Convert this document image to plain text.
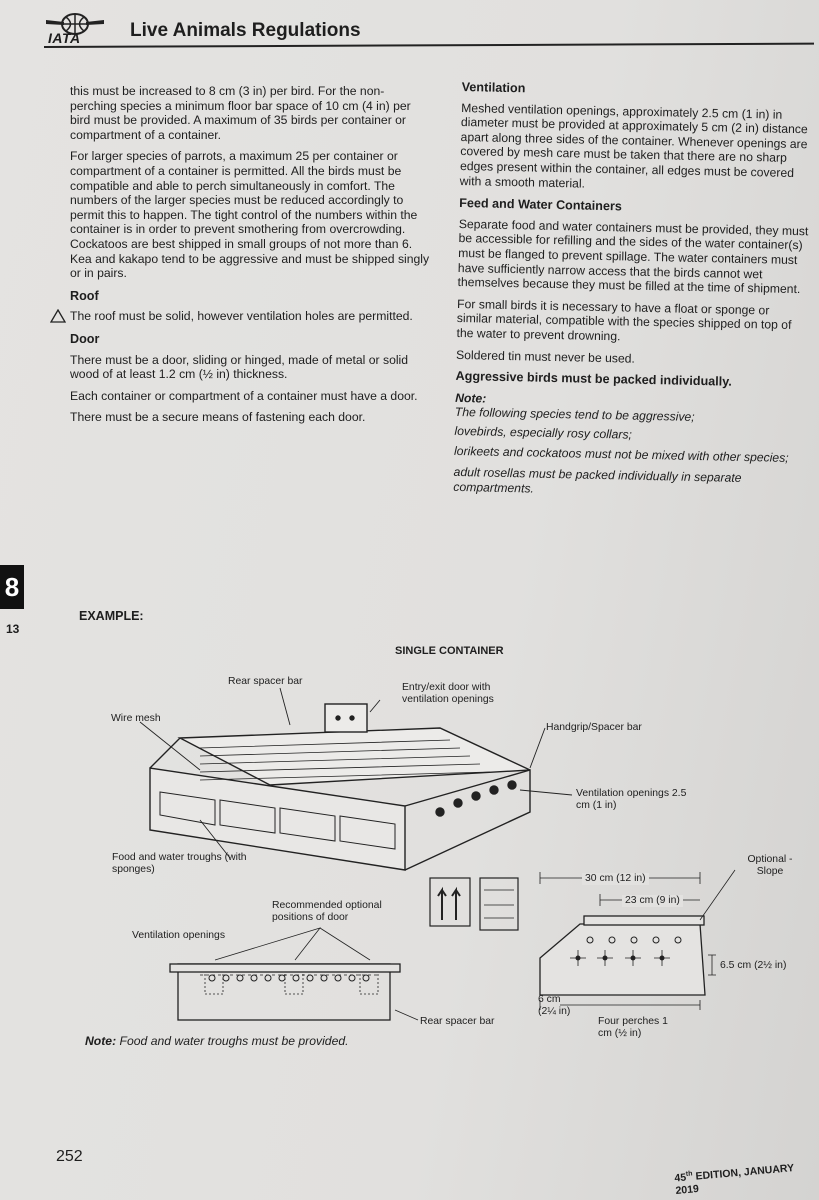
IATA	Live Animals Regulations

this must be increased to 8 cm (3 in) per bird. For the non-perching species a minimum floor bar space of 10 cm (4 in) per bird must be provided. A maximum of 35 birds per container or compartment of a container.

For larger species of parrots, a maximum 25 per container or compartment of a container is permitted. All the birds must be compatible and able to perch simultaneously in comfort. The numbers of the larger species must be reduced accordingly to permit this to happen. The tight control of the numbers within the container is in order to prevent smothering from overcrowding. Cockatoos are best shipped in small groups of not more than 6. Kea and kakapo tend to be aggressive and must be shipped singly or in pairs.

Roof

The roof must be solid, however ventilation holes are permitted.

Door

There must be a door, sliding or hinged, made of metal or solid wood of at least 1.2 cm (½ in) thickness.

Each container or compartment of a container must have a door.

There must be a secure means of fastening each door.

Ventilation

Meshed ventilation openings, approximately 2.5 cm (1 in) in diameter must be provided at approximately 5 cm (2 in) distance apart along three sides of the container. Whenever openings are covered by mesh care must be taken that there are no sharp edges present within the container, all edges must be covered with a smooth material.

Feed and Water Containers

Separate food and water containers must be provided, they must be accessible for refilling and the sides of the water container(s) must be flanged to prevent spillage. The water containers must have sufficiently narrow access that the birds cannot wet themselves because they must be filled at the time of shipment.

For small birds it is necessary to have a float or sponge or similar material, compatible with the species shipped on top of the water to prevent drowning.

Soldered tin must never be used.

Aggressive birds must be packed individually.

Note:

The following species tend to be aggressive;

lovebirds, especially rosy collars;

lorikeets and cockatoos must not be mixed with other species;

adult rosellas must be packed individually in separate compartments.

8
13
EXAMPLE:
SINGLE CONTAINER
Rear spacer bar
Entry/exit door with ventilation openings
Wire mesh
Handgrip/Spacer bar
Ventilation openings 2.5 cm (1 in)
Food and water troughs (with sponges)
Optional - Slope
30 cm (12 in)
23 cm (9 in)
Recommended optional positions of door
Ventilation openings
6.5 cm (2½ in)
6 cm (2¼ in)
Four perches 1 cm (½ in)
Rear spacer bar
Note: Food and water troughs must be provided.
252
45th EDITION, JANUARY 2019
